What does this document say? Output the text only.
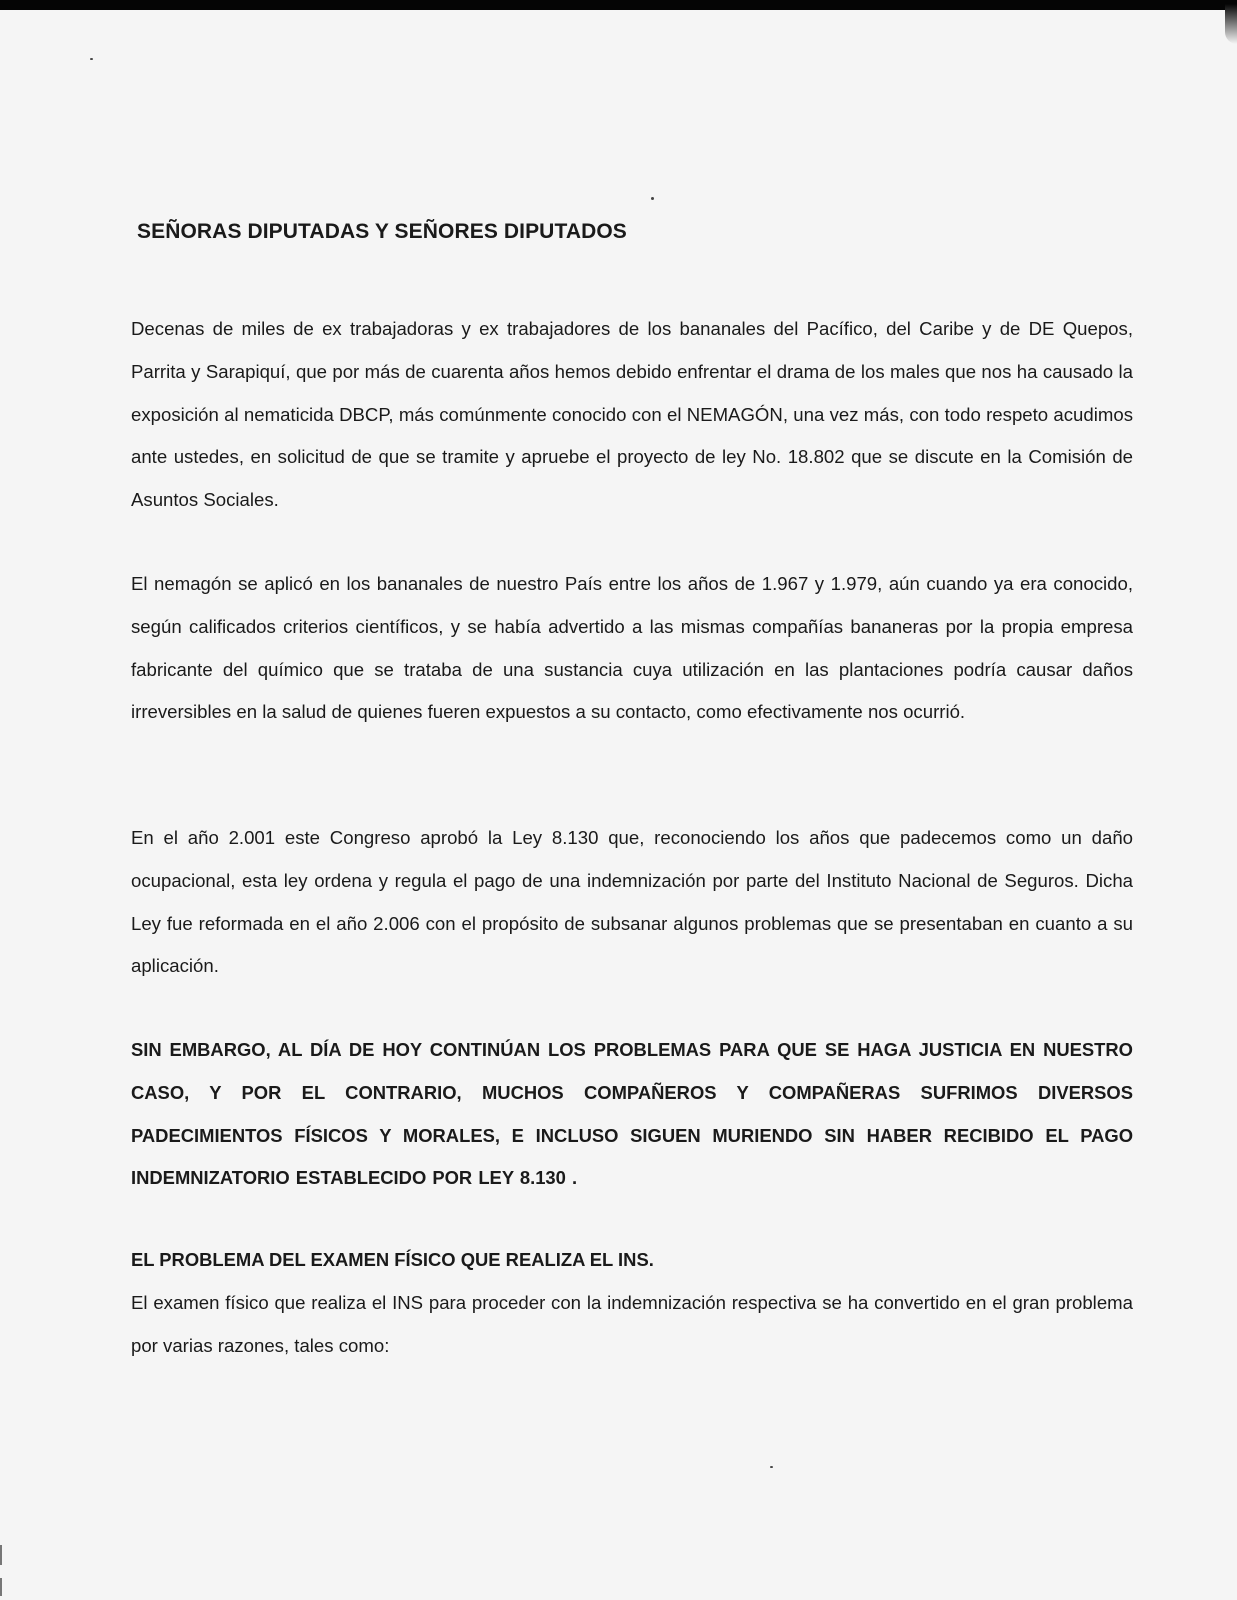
SEÑORAS DIPUTADAS Y SEÑORES DIPUTADOS

Decenas de miles de ex trabajadoras y ex trabajadores de los bananales del Pacífico, del Caribe y de DE Quepos, Parrita y Sarapiquí, que por más de cuarenta años hemos debido enfrentar el drama de los males que nos ha causado la exposición al nematicida DBCP, más comúnmente conocido con el NEMAGÓN, una vez más, con todo respeto acudimos ante ustedes, en solicitud de que se tramite y apruebe el proyecto de ley No. 18.802 que se discute en la Comisión de Asuntos Sociales.

El nemagón se aplicó en los bananales de nuestro País entre los años de 1.967 y 1.979, aún cuando ya era conocido, según calificados criterios científicos, y se había advertido a las mismas compañías bananeras por la propia empresa fabricante del químico que se trataba de una sustancia cuya utilización en las plantaciones podría causar daños irreversibles en la salud de quienes fueren expuestos a su contacto, como efectivamente nos ocurrió.

En el año 2.001 este Congreso aprobó la Ley 8.130 que, reconociendo los años que padecemos como un daño ocupacional, esta ley ordena y regula el pago de una indemnización por parte del Instituto Nacional de Seguros. Dicha Ley fue reformada en el año 2.006 con el propósito de subsanar algunos problemas que se presentaban en cuanto a su aplicación.

SIN EMBARGO, AL DÍA DE HOY CONTINÚAN LOS PROBLEMAS PARA QUE SE HAGA JUSTICIA EN NUESTRO CASO, Y POR EL CONTRARIO, MUCHOS COMPAÑEROS Y COMPAÑERAS SUFRIMOS DIVERSOS PADECIMIENTOS FÍSICOS Y MORALES, E INCLUSO SIGUEN MURIENDO SIN HABER RECIBIDO EL PAGO INDEMNIZATORIO ESTABLECIDO POR LEY 8.130 .

EL PROBLEMA DEL EXAMEN FÍSICO QUE REALIZA EL INS.

El examen físico que realiza el INS para proceder con la indemnización respectiva se ha convertido en el gran problema por varias razones, tales como:
